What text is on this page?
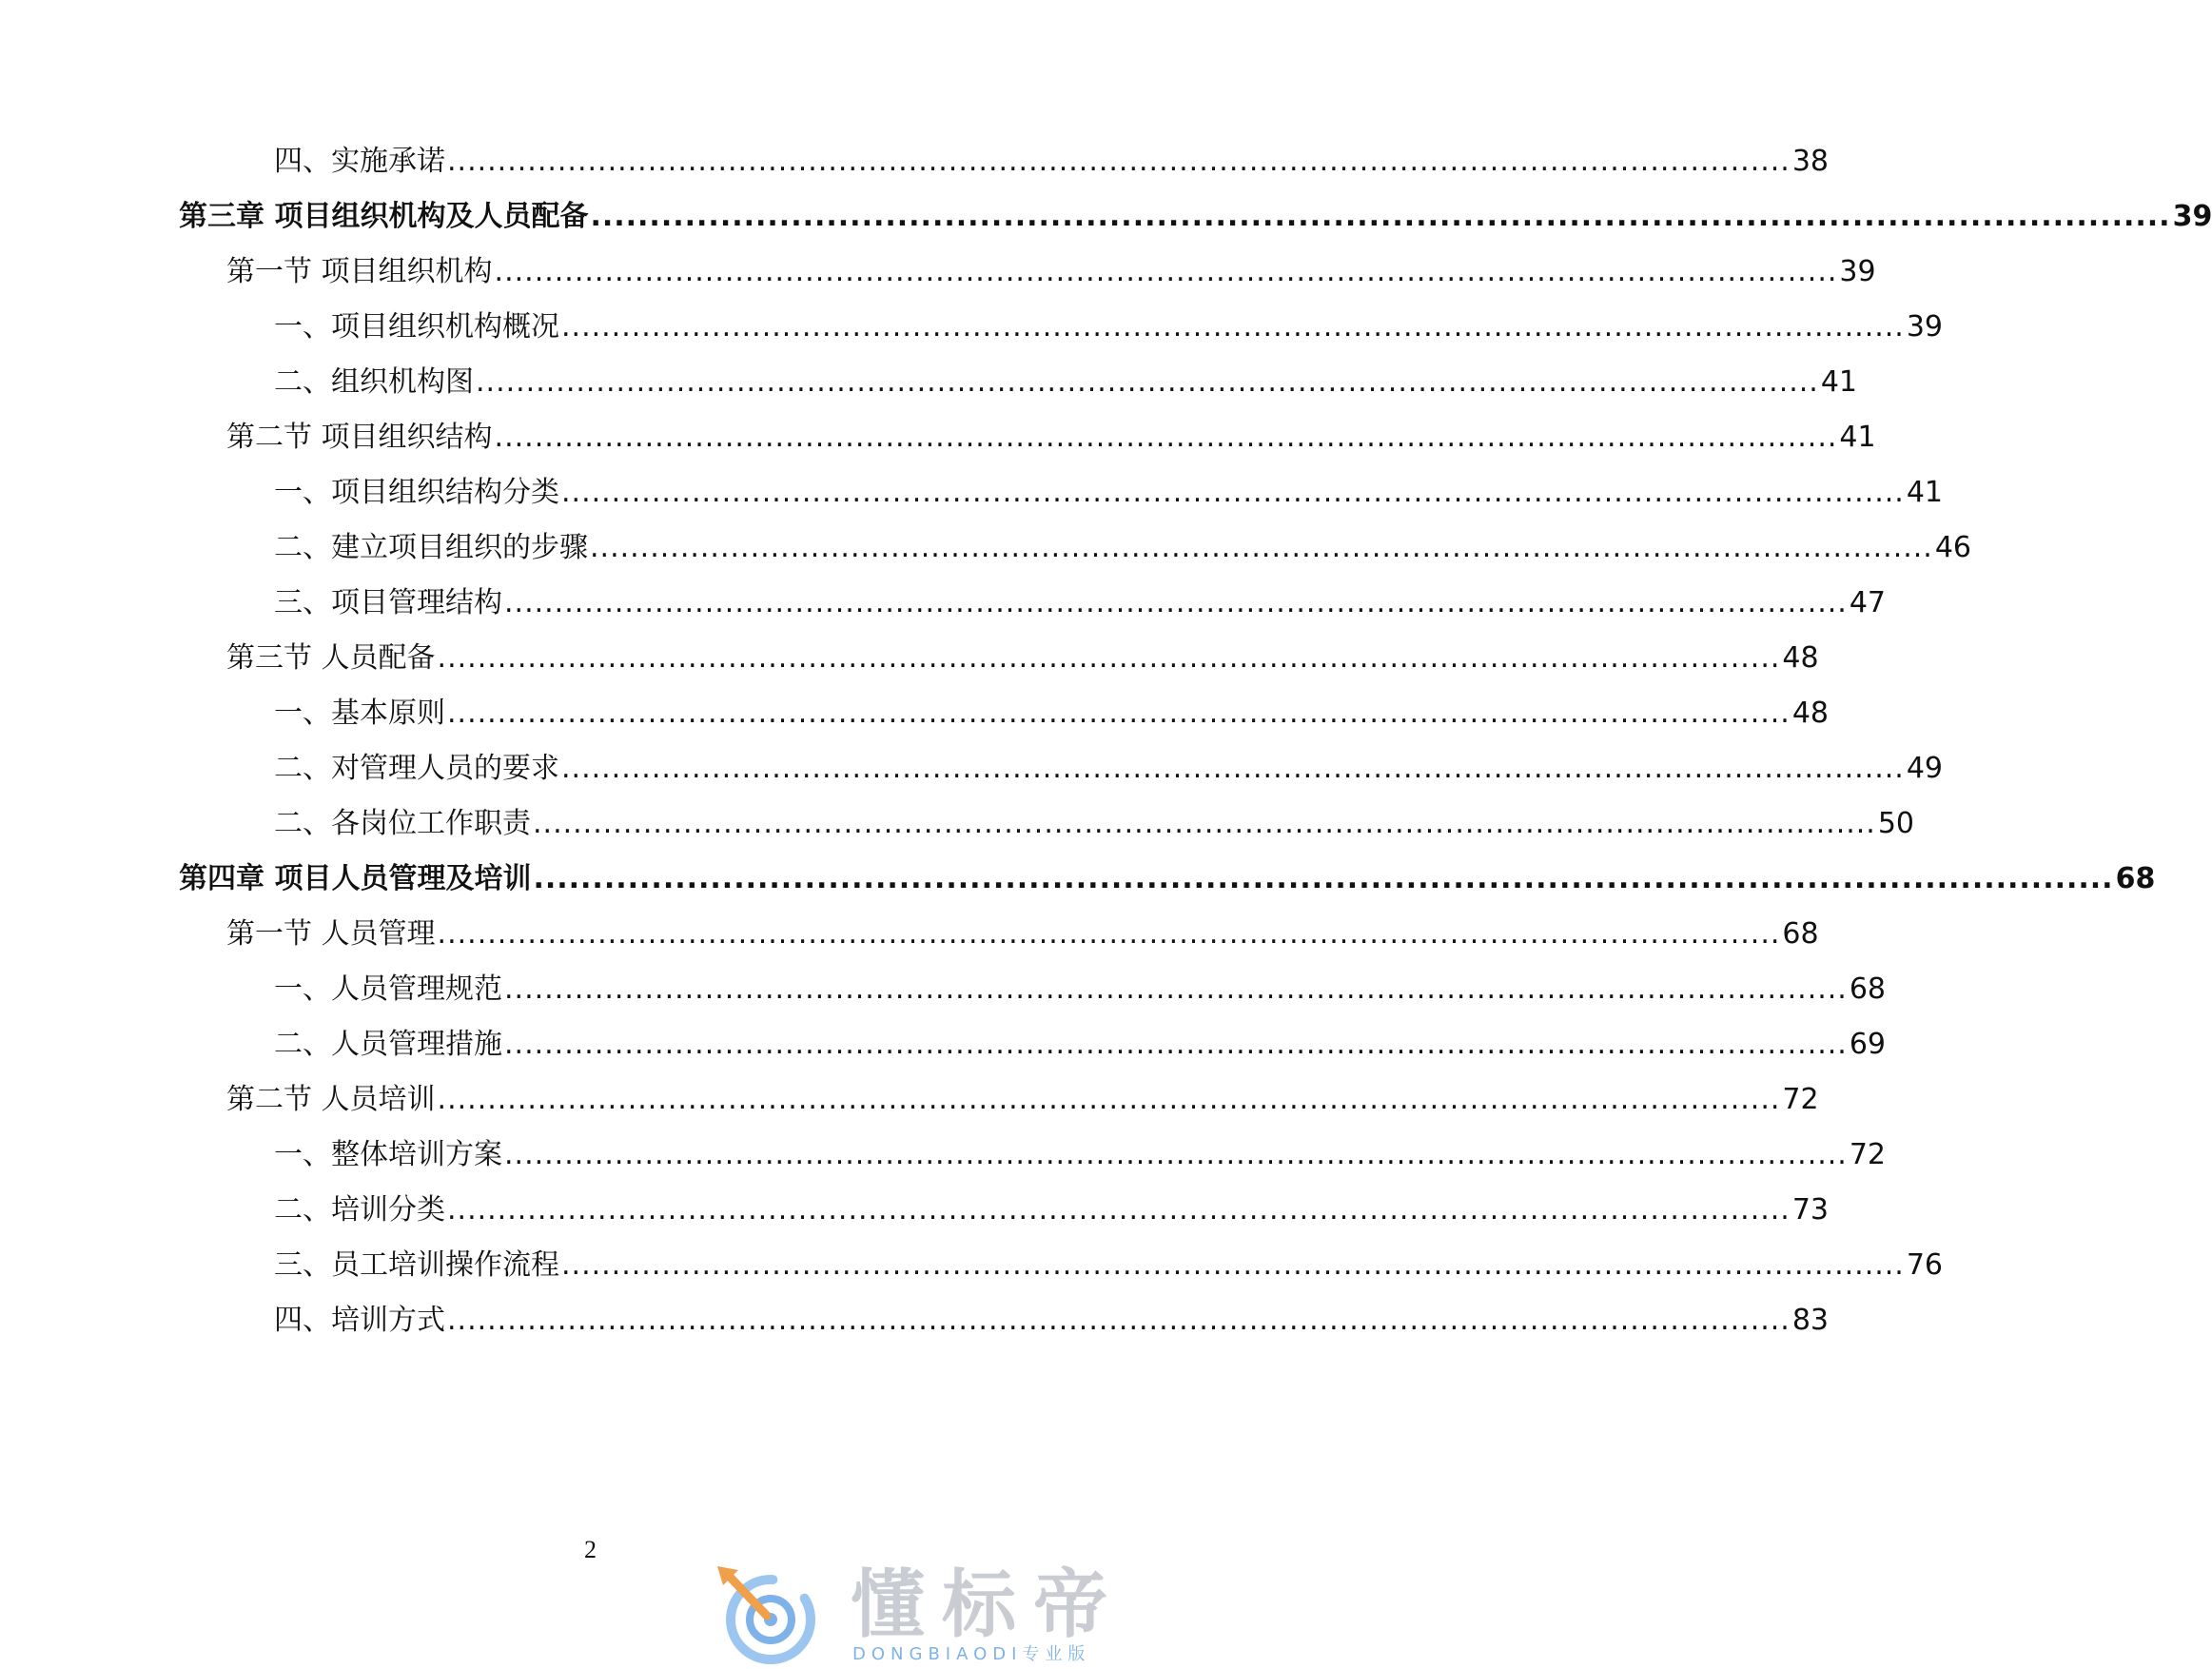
四、实施承诺 ...................................................................................................................................... 38
第三章 项目组织机构及人员配备 ...................................................................................................................................... 39
第一节 项目组织机构 ...................................................................................................................................... 39
一、项目组织机构概况 ...................................................................................................................................... 39
二、组织机构图 ...................................................................................................................................... 41
第二节 项目组织结构 ...................................................................................................................................... 41
一、项目组织结构分类 ...................................................................................................................................... 41
二、建立项目组织的步骤 ...................................................................................................................................... 46
三、项目管理结构 ...................................................................................................................................... 47
第三节 人员配备 ...................................................................................................................................... 48
一、基本原则 ...................................................................................................................................... 48
二、对管理人员的要求 ...................................................................................................................................... 49
二、各岗位工作职责 ...................................................................................................................................... 50
第四章 项目人员管理及培训 ...................................................................................................................................... 68
第一节 人员管理 ...................................................................................................................................... 68
一、人员管理规范 ...................................................................................................................................... 68
二、人员管理措施 ...................................................................................................................................... 69
第二节 人员培训 ...................................................................................................................................... 72
一、整体培训方案 ...................................................................................................................................... 72
二、培训分类 ...................................................................................................................................... 73
三、员工培训操作流程 ...................................................................................................................................... 76
四、培训方式 ...................................................................................................................................... 83
2
懂标帝
DONGBIAODI专业版
